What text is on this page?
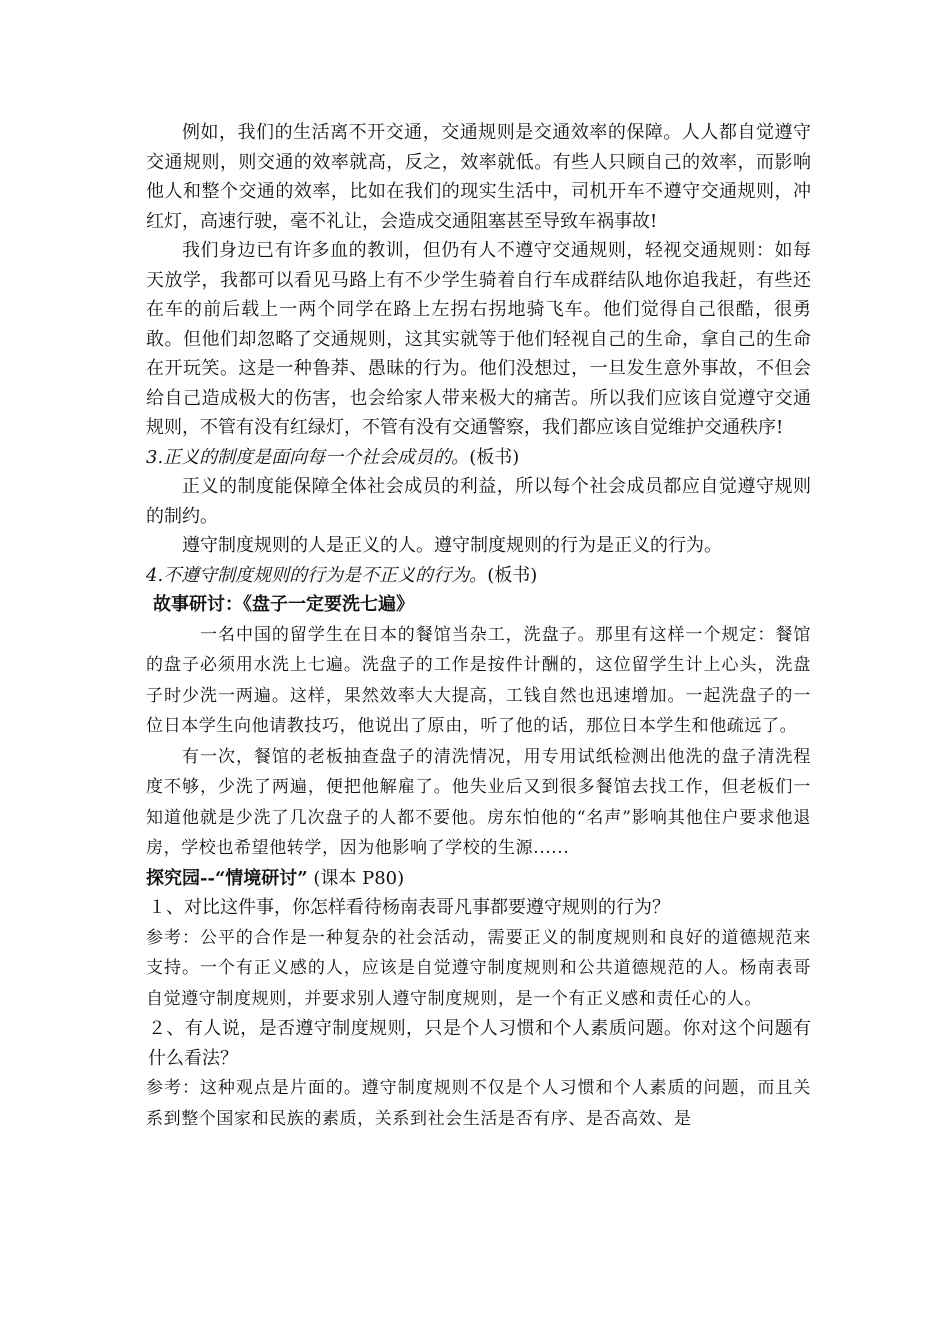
例如，我们的生活离不开交通，交通规则是交通效率的保障。人人都自觉遵守交通规则，则交通的效率就高，反之，效率就低。有些人只顾自己的效率，而影响他人和整个交通的效率，比如在我们的现实生活中，司机开车不遵守交通规则，冲红灯，高速行驶，毫不礼让，会造成交通阻塞甚至导致车祸事故!

我们身边已有许多血的教训，但仍有人不遵守交通规则，轻视交通规则：如每天放学，我都可以看见马路上有不少学生骑着自行车成群结队地你追我赶，有些还在车的前后载上一两个同学在路上左拐右拐地骑飞车。他们觉得自己很酷，很勇敢。但他们却忽略了交通规则，这其实就等于他们轻视自己的生命，拿自己的生命在开玩笑。这是一种鲁莽、愚昧的行为。他们没想过，一旦发生意外事故，不但会给自己造成极大的伤害，也会给家人带来极大的痛苦。所以我们应该自觉遵守交通规则，不管有没有红绿灯，不管有没有交通警察，我们都应该自觉维护交通秩序!

3.正义的制度是面向每一个社会成员的。(板书)

正义的制度能保障全体社会成员的利益，所以每个社会成员都应自觉遵守规则的制约。

遵守制度规则的人是正义的人。遵守制度规则的行为是正义的行为。

4.不遵守制度规则的行为是不正义的行为。(板书)

故事研讨：《盘子一定要洗七遍》

一名中国的留学生在日本的餐馆当杂工，洗盘子。那里有这样一个规定：餐馆的盘子必须用水洗上七遍。洗盘子的工作是按件计酬的，这位留学生计上心头，洗盘子时少洗一两遍。这样，果然效率大大提高，工钱自然也迅速增加。一起洗盘子的一位日本学生向他请教技巧，他说出了原由，听了他的话，那位日本学生和他疏远了。

有一次，餐馆的老板抽查盘子的清洗情况，用专用试纸检测出他洗的盘子清洗程度不够，少洗了两遍，便把他解雇了。他失业后又到很多餐馆去找工作，但老板们一知道他就是少洗了几次盘子的人都不要他。房东怕他的“名声”影响其他住户要求他退房，学校也希望他转学，因为他影响了学校的生源......

探究园--“情境研讨” (课本 P80)

１、对比这件事，你怎样看待杨南表哥凡事都要遵守规则的行为？

参考：公平的合作是一种复杂的社会活动，需要正义的制度规则和良好的道德规范来支持。一个有正义感的人，应该是自觉遵守制度规则和公共道德规范的人。杨南表哥自觉遵守制度规则，并要求别人遵守制度规则，是一个有正义感和责任心的人。

２、有人说，是否遵守制度规则，只是个人习惯和个人素质问题。你对这个问题有什么看法？

参考：这种观点是片面的。遵守制度规则不仅是个人习惯和个人素质的问题，而且关系到整个国家和民族的素质，关系到社会生活是否有序、是否高效、是
